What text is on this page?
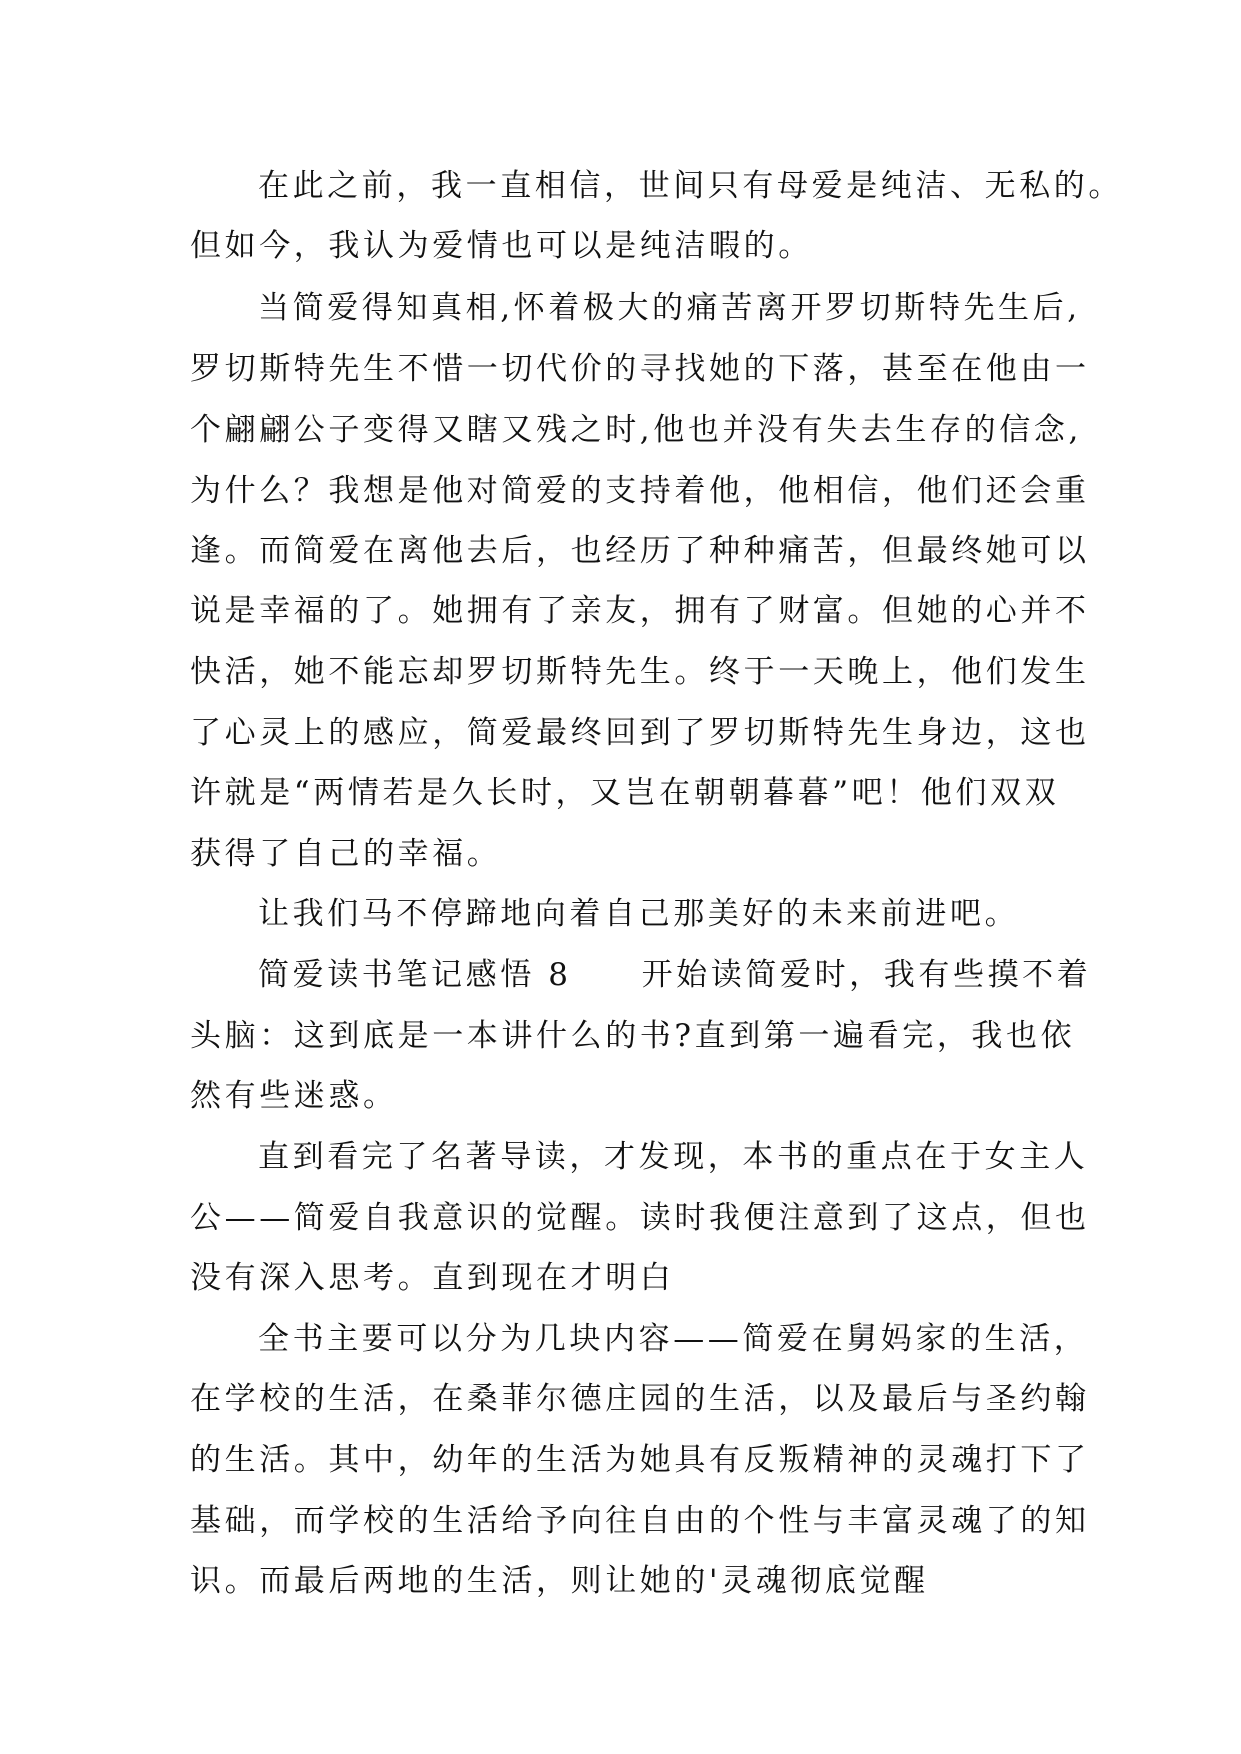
在此之前，我一直相信，世间只有母爱是纯洁、无私的。
但如今，我认为爱情也可以是纯洁暇的。
当简爱得知真相,怀着极大的痛苦离开罗切斯特先生后,
罗切斯特先生不惜一切代价的寻找她的下落，甚至在他由一
个翩翩公子变得又瞎又残之时,他也并没有失去生存的信念,
为什么？我想是他对简爱的支持着他，他相信，他们还会重
逢。而简爱在离他去后，也经历了种种痛苦，但最终她可以
说是幸福的了。她拥有了亲友，拥有了财富。但她的心并不
快活，她不能忘却罗切斯特先生。终于一天晚上，他们发生
了心灵上的感应，简爱最终回到了罗切斯特先生身边，这也
许就是“两情若是久长时，又岂在朝朝暮暮”吧！他们双双
获得了自己的幸福。
让我们马不停蹄地向着自己那美好的未来前进吧。
简爱读书笔记感悟 8 开始读简爱时，我有些摸不着
头脑：这到底是一本讲什么的书?直到第一遍看完，我也依
然有些迷惑。
直到看完了名著导读，才发现，本书的重点在于女主人
公——简爱自我意识的觉醒。读时我便注意到了这点，但也
没有深入思考。直到现在才明白
全书主要可以分为几块内容——简爱在舅妈家的生活，
在学校的生活，在桑菲尔德庄园的生活，以及最后与圣约翰
的生活。其中，幼年的生活为她具有反叛精神的灵魂打下了
基础，而学校的生活给予向往自由的个性与丰富灵魂了的知
识。而最后两地的生活，则让她的'灵魂彻底觉醒
